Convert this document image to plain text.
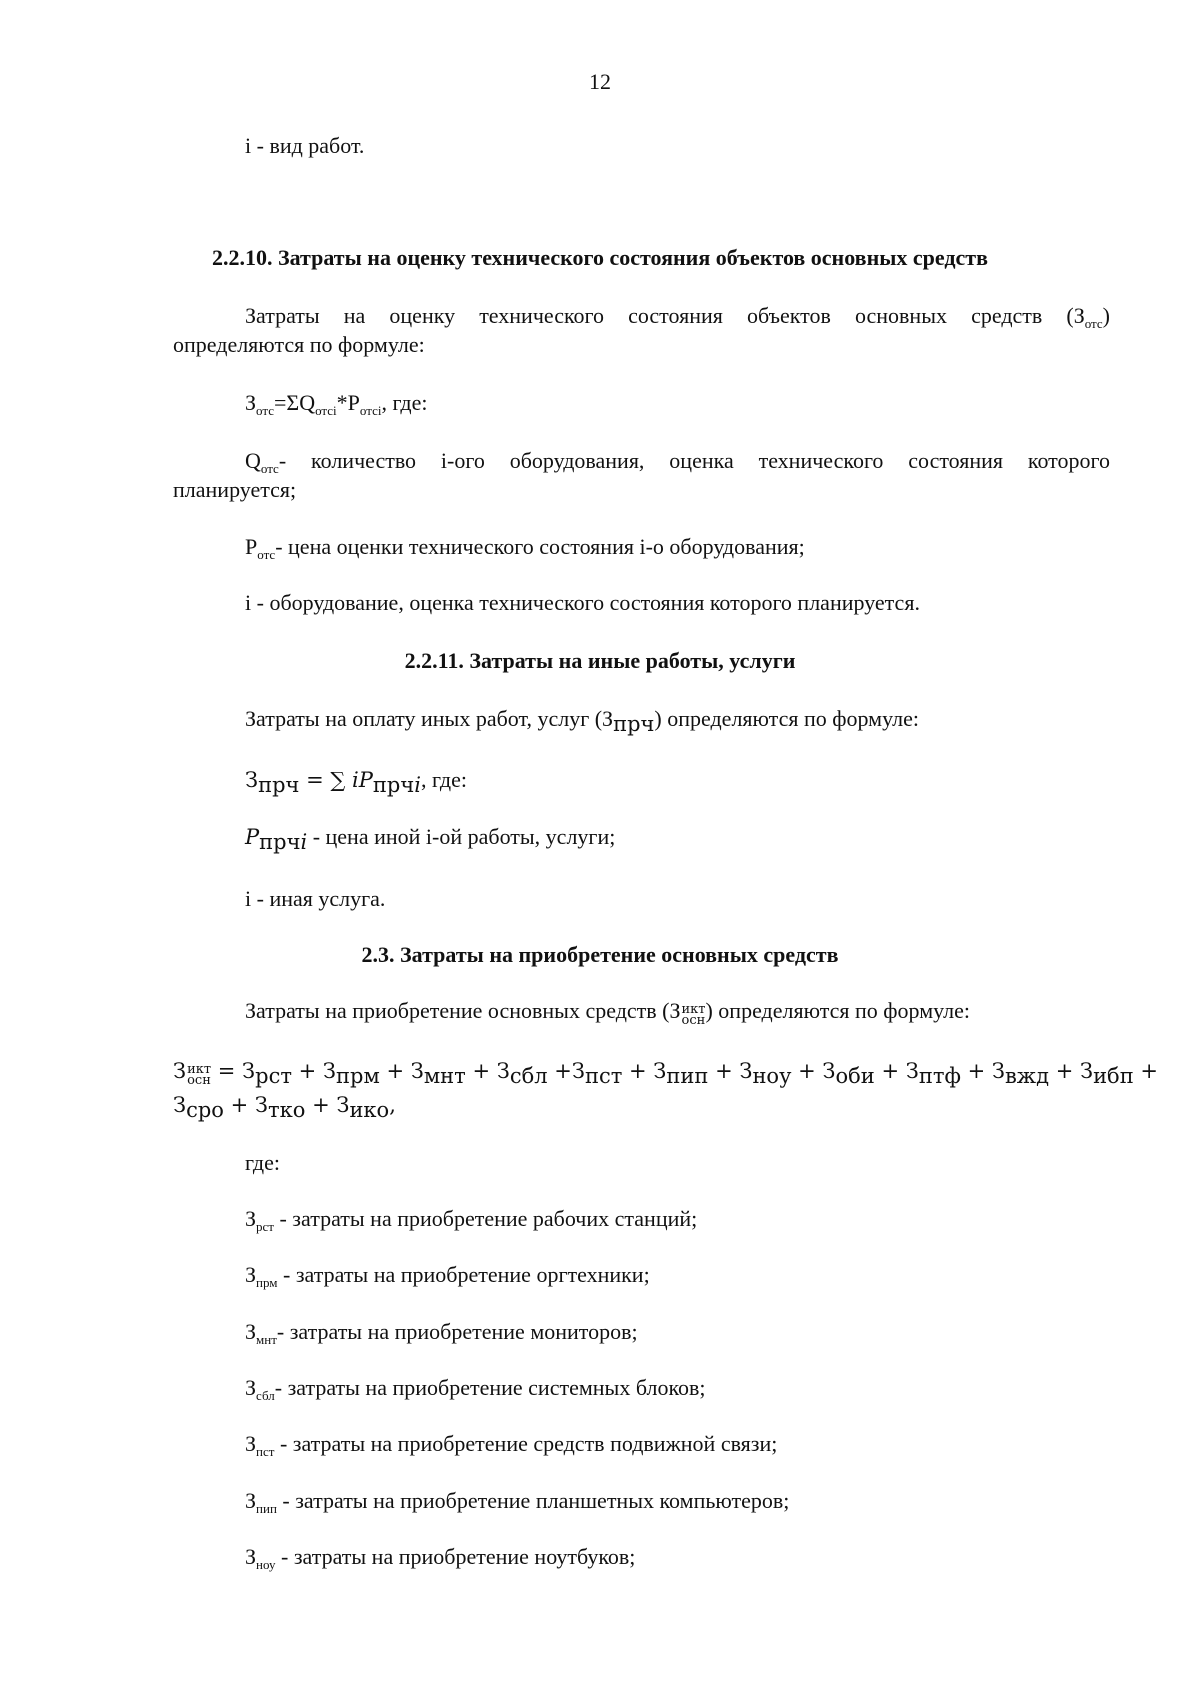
12
i - вид работ.
2.2.10. Затраты на оценку технического состояния объектов основных средств
Затраты на оценку технического состояния объектов основных средств $(З_{отс})$
определяются по формуле:
$З_{отс}=\Sigma Q_{отсi}*P_{отсi}$, где:
$Q_{отс}-$ количество i-ого оборудования, оценка технического состояния которого
планируется;
$P_{отс}-$ цена оценки технического состояния i-о оборудования;
i - оборудование, оценка технического состояния которого планируется.
2.2.11. Затраты на иные работы, услуги
Затраты на оплату иных работ, услуг $(З_{прч})$ определяются по формуле:
$З_{прч}$ = ∑ $iP_{прчi}$, где:
$P_{прчi}$ - цена иной i-ой работы, услуги;
i - иная услуга.
2.3. Затраты на приобретение основных средств
Затраты на приобретение основных средств (З икт
осн ) определяются по формуле:
З икт
осн = $З_{рст} + З_{прм} + З_{мнт} + З_{сбл} +З_{пст} + З_{пип} + З_{ноу} + З_{оби} + З_{птф} + З_{вжд} + З_{ибп}$ +
$З_{сро} + З_{тко} + З_{ико}$,
где:
$З_{рст}$ - затраты на приобретение рабочих станций;
$З_{прм}$ - затраты на приобретение оргтехники;
$З_{мнт}-$ затраты на приобретение мониторов;
$З_{сбл}-$ затраты на приобретение системных блоков;
$З_{пст}$ - затраты на приобретение средств подвижной связи;
$З_{пип}$ - затраты на приобретение планшетных компьютеров;
$З_{ноу}$ - затраты на приобретение ноутбуков;
